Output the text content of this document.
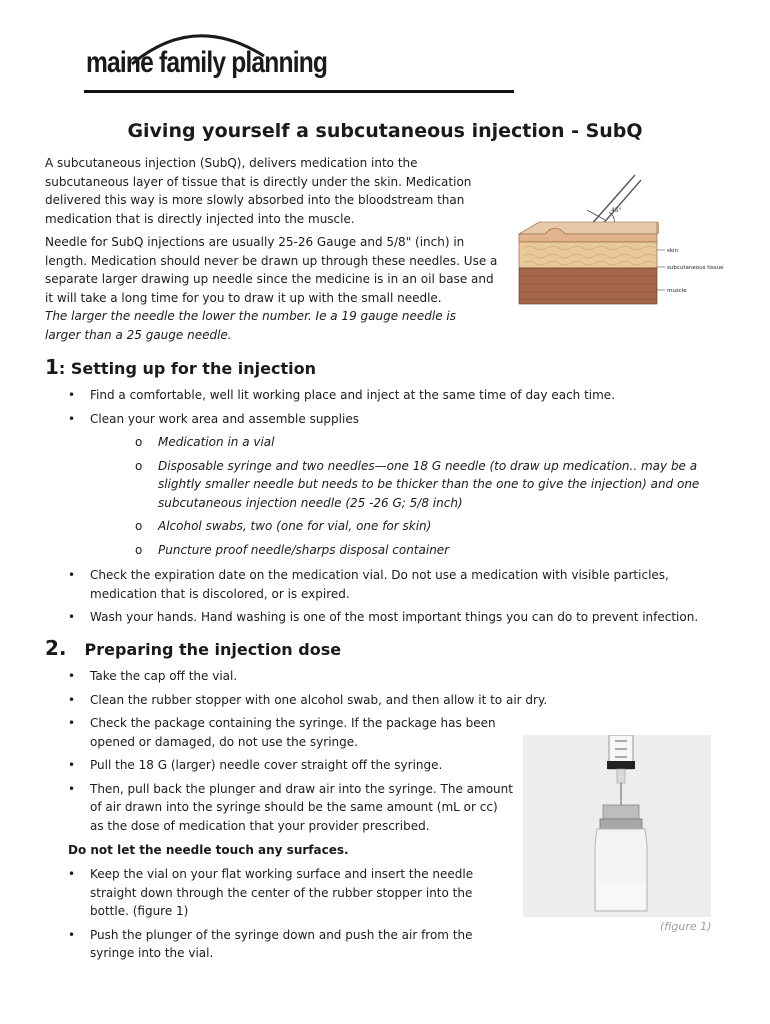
maine family planning
Giving yourself a subcutaneous injection - SubQ

A subcutaneous injection (SubQ), delivers medication into the subcutaneous layer of tissue that is directly under the skin. Medication delivered this way is more slowly absorbed into the bloodstream than medication that is directly injected into the muscle.

Needle for SubQ injections are usually 25-26 Gauge and 5/8" (inch) in length. Medication should never be drawn up through these needles. Use a separate larger drawing up needle since the medicine is in an oil base and it will take a long time for you to draw it up with the small needle.

The larger the needle the lower the number. Ie a 19 gauge needle is larger than a 25 gauge needle.

45°
skin
subcutaneous tissue
muscle
1: Setting up for the injection
• Find a comfortable, well lit working place and inject at the same time of day each time.
• Clean your work area and assemble supplies
o Medication in a vial
o Disposable syringe and two needles—one 18 G needle (to draw up medication.. may be a slightly smaller needle but needs to be thicker than the one to give the injection) and one subcutaneous injection needle (25 -26 G; 5/8 inch)
o Alcohol swabs, two (one for vial, one for skin)
o Puncture proof needle/sharps disposal container
• Check the expiration date on the medication vial. Do not use a medication with visible particles, medication that is discolored, or is expired.
• Wash your hands. Hand washing is one of the most important things you can do to prevent infection.
2. Preparing the injection dose
• Take the cap off the vial.
• Clean the rubber stopper with one alcohol swab, and then allow it to air dry.
• Check the package containing the syringe. If the package has been opened or damaged, do not use the syringe.
• Pull the 18 G (larger) needle cover straight off the syringe.
• Then, pull back the plunger and draw air into the syringe. The amount of air drawn into the syringe should be the same amount (mL or cc) as the dose of medication that your provider prescribed.
Do not let the needle touch any surfaces.
• Keep the vial on your flat working surface and insert the needle straight down through the center of the rubber stopper into the bottle. (figure 1)
• Push the plunger of the syringe down and push the air from the syringe into the vial.
(figure 1)
